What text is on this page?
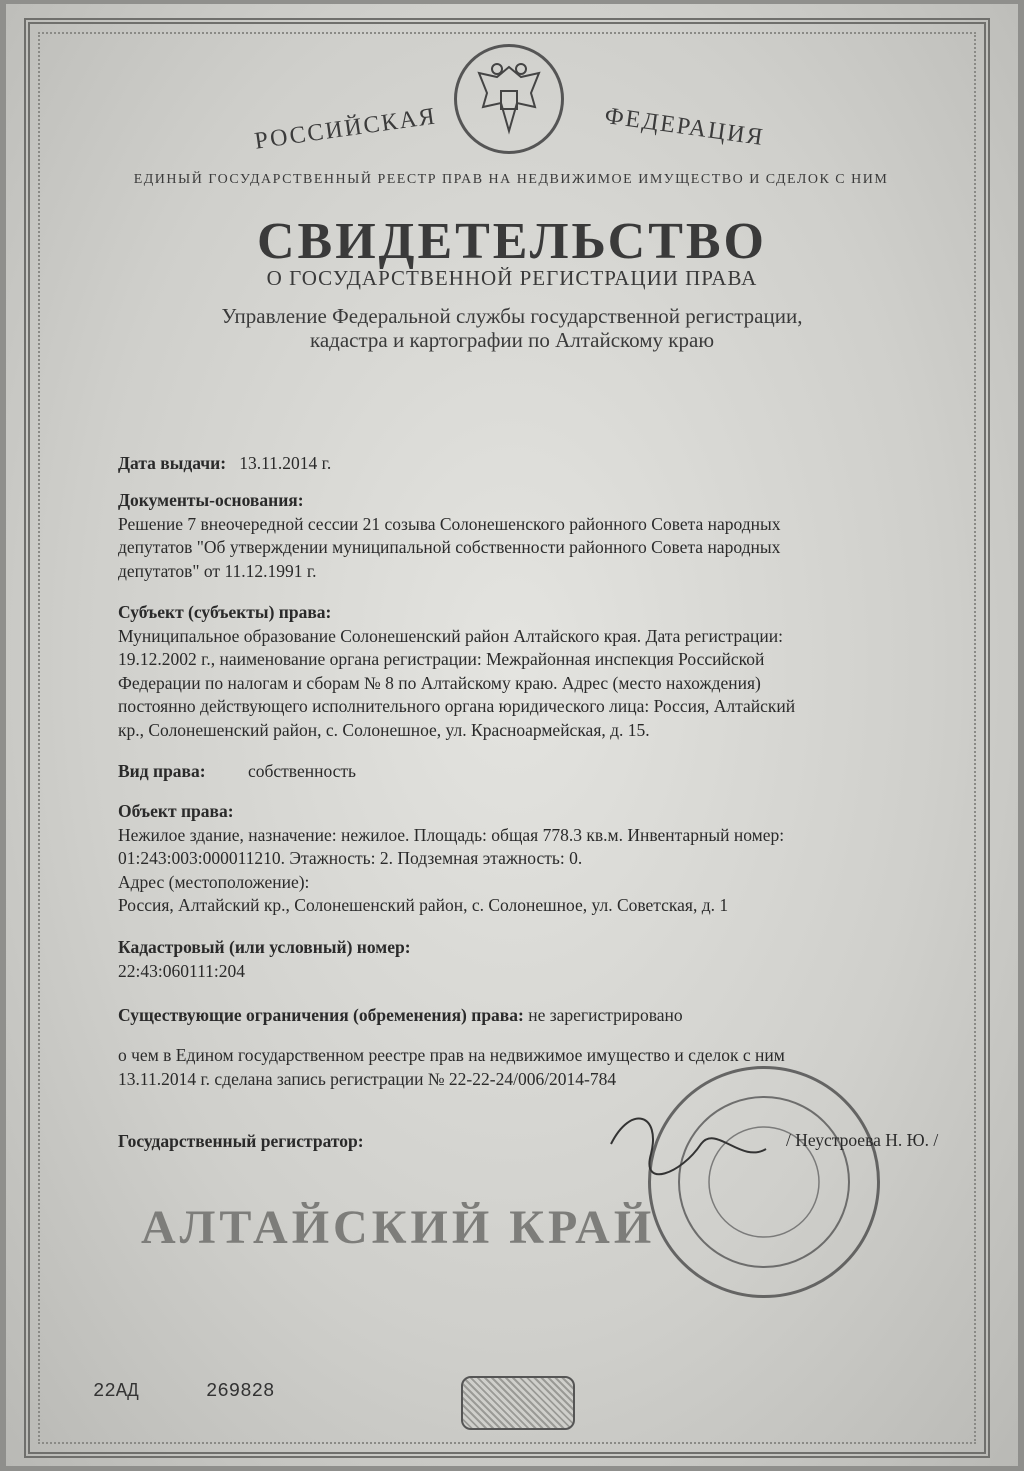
РОССИЙСКАЯ	ФЕДЕРАЦИЯ
ЕДИНЫЙ ГОСУДАРСТВЕННЫЙ РЕЕСТР ПРАВ НА НЕДВИЖИМОЕ ИМУЩЕСТВО И СДЕЛОК С НИМ
СВИДЕТЕЛЬСТВО
О ГОСУДАРСТВЕННОЙ РЕГИСТРАЦИИ ПРАВА
Управление Федеральной службы государственной регистрации,
кадастра и картографии по Алтайскому краю
Дата выдачи: 13.11.2014 г.
Документы-основания:
Решение 7 внеочередной сессии 21 созыва Солонешенского районного Совета народных
депутатов "Об утверждении муниципальной собственности районного Совета народных
депутатов" от 11.12.1991 г.
Субъект (субъекты) права:
Муниципальное образование Солонешенский район Алтайского края. Дата регистрации:
19.12.2002 г., наименование органа регистрации: Межрайонная инспекция Российской
Федерации по налогам и сборам № 8 по Алтайскому краю. Адрес (место нахождения)
постоянно действующего исполнительного органа юридического лица: Россия, Алтайский
кр., Солонешенский район, с. Солонешное, ул. Красноармейская, д. 15.
Вид права: собственность
Объект права:
Нежилое здание, назначение: нежилое. Площадь: общая 778.3 кв.м. Инвентарный номер:
01:243:003:000011210. Этажность: 2. Подземная этажность: 0.
Адрес (местоположение):
Россия, Алтайский кр., Солонешенский район, с. Солонешное, ул. Советская, д. 1
Кадастровый (или условный) номер:
22:43:060111:204
Существующие ограничения (обременения) права: не зарегистрировано
о чем в Едином государственном реестре прав на недвижимое имущество и сделок с ним
13.11.2014 г. сделана запись регистрации № 22-22-24/006/2014-784
Государственный регистратор:	/ Неустроева Н. Ю. /
АЛТАЙСКИЙ КРАЙ
22АД	269828
